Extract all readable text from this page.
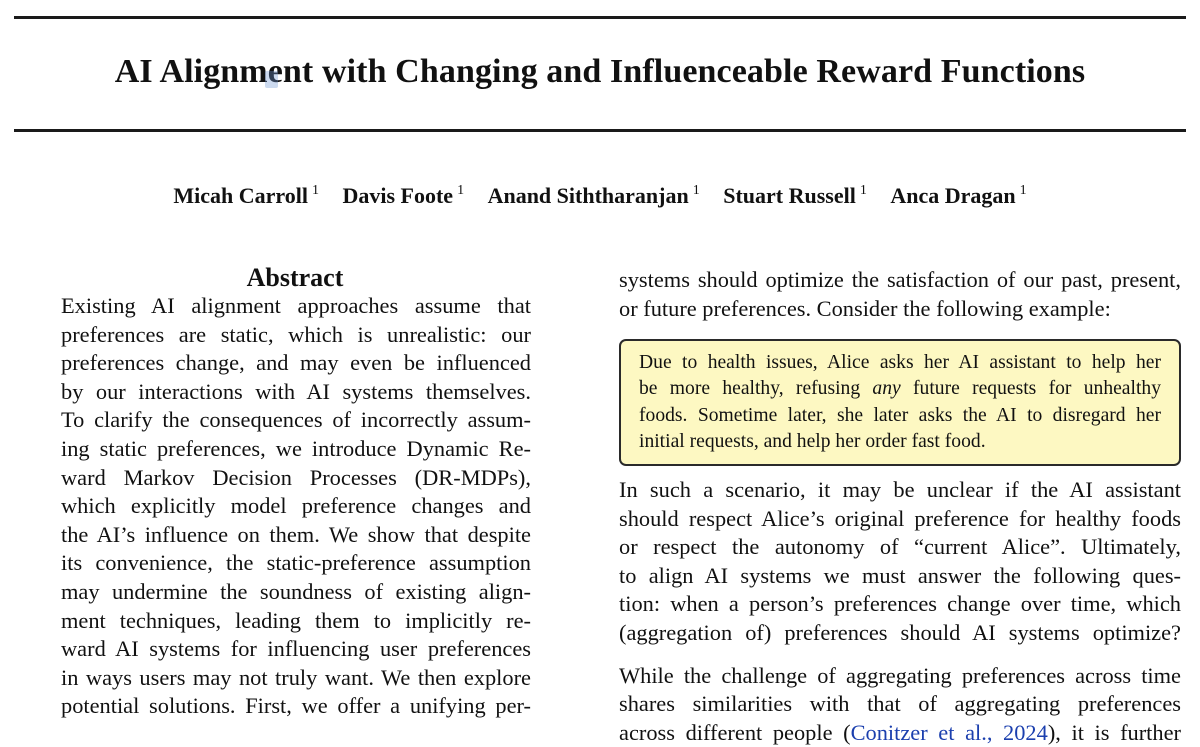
AI Alignment with Changing and Influenceable Reward Functions
Micah Carroll $^1$ Davis Foote $^1$ Anand Siththaranjan $^1$ Stuart Russell $^1$ Anca Dragan $^1$
Abstract
Existing AI alignment approaches assume that
preferences are static, which is unrealistic: our
preferences change, and may even be influenced
by our interactions with AI systems themselves.
To clarify the consequences of incorrectly assum-
ing static preferences, we introduce Dynamic Re-
ward Markov Decision Processes (DR-MDPs),
which explicitly model preference changes and
the AI’s influence on them. We show that despite
its convenience, the static-preference assumption
may undermine the soundness of existing align-
ment techniques, leading them to implicitly re-
ward AI systems for influencing user preferences
in ways users may not truly want. We then explore
potential solutions. First, we offer a unifying per-
systems should optimize the satisfaction of our past, present,
or future preferences. Consider the following example:
Due to health issues, Alice asks her AI assistant to help her
be more healthy, refusing any future requests for unhealthy
foods. Sometime later, she later asks the AI to disregard her
initial requests, and help her order fast food.
In such a scenario, it may be unclear if the AI assistant
should respect Alice’s original preference for healthy foods
or respect the autonomy of “current Alice”. Ultimately,
to align AI systems we must answer the following ques-
tion: when a person’s preferences change over time, which
(aggregation of) preferences should AI systems optimize?
While the challenge of aggregating preferences across time
shares similarities with that of aggregating preferences
across different people (Conitzer et al., 2024), it is further
